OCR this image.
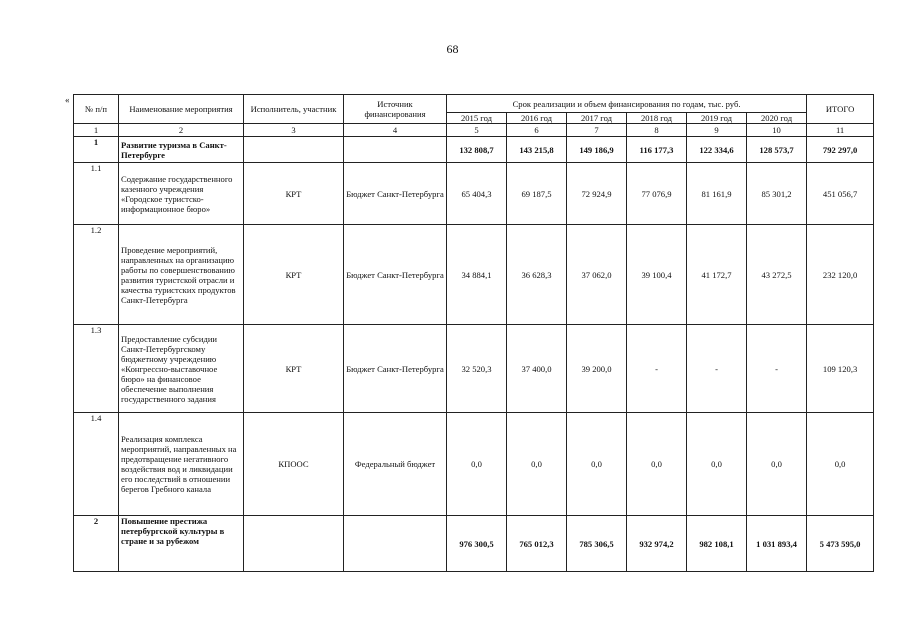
68
«
№ п/п	Наименование мероприятия	Исполнитель, участник	Источник финансирования	Срок реализации и объем финансирования по годам, тыс. руб.						ИТОГО
				2015 год	2016 год	2017 год	2018 год	2019 год	2020 год	
1	2	3	4	5	6	7	8	9	10	11
1	Развитие туризма в Санкт-Петербурге			132 808,7	143 215,8	149 186,9	116 177,3	122 334,6	128 573,7	792 297,0
1.1	Содержание государственного казенного учреждения «Городское туристско-информационное бюро»	КРТ	Бюджет Санкт-Петербурга	65 404,3	69 187,5	72 924,9	77 076,9	81 161,9	85 301,2	451 056,7
1.2	Проведение мероприятий, направленных на организацию работы по совершенствованию развития туристской отрасли и качества туристских продуктов Санкт-Петербурга	КРТ	Бюджет Санкт-Петербурга	34 884,1	36 628,3	37 062,0	39 100,4	41 172,7	43 272,5	232 120,0
1.3	Предоставление субсидии Санкт-Петербургскому бюджетному учреждению «Конгрессно-выставочное бюро» на финансовое обеспечение выполнения государственного задания	КРТ	Бюджет Санкт-Петербурга	32 520,3	37 400,0	39 200,0	-	-	-	109 120,3
1.4	Реализация комплекса мероприятий, направленных на предотвращение негативного воздействия вод и ликвидации его последствий в отношении берегов Гребного канала	КПООС	Федеральный бюджет	0,0	0,0	0,0	0,0	0,0	0,0	0,0
2	Повышение престижа петербургской культуры в стране и за рубежом			976 300,5	765 012,3	785 306,5	932 974,2	982 108,1	1 031 893,4	5 473 595,0
